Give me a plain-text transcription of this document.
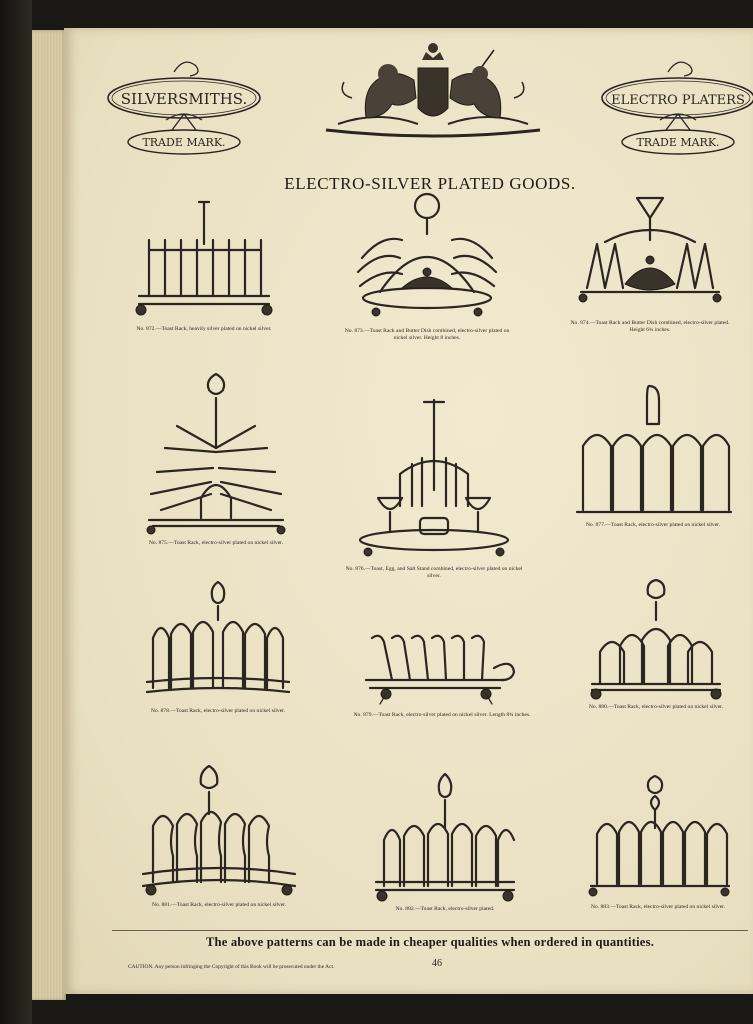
SILVERSMITHS.
TRADE MARK.
ELECTRO PLATERS
TRADE MARK.
ELECTRO-SILVER PLATED GOODS.
No. 872.—Toast Rack, heavily silver plated on nickel silver.	No. 873.—Toast Rack and Butter Dish combined, electro-silver plated on nickel silver. Height 8 inches.
No. 874.—Toast Rack and Butter Dish combined, electro-silver plated. Height 6¾ inches.
No. 875.—Toast Rack, electro-silver plated on nickel silver.
No. 876.—Toast, Egg, and Salt Stand combined, electro-silver plated on nickel silver.
No. 877.—Toast Rack, electro-silver plated on nickel silver.
No. 878.—Toast Rack, electro-silver plated on nickel silver.
No. 879.—Toast Rack, electro-silver plated on nickel silver. Length 8¾ inches.
No. 880.—Toast Rack, electro-silver plated on nickel silver.
No. 881.—Toast Rack, electro-silver plated on nickel silver.
No. 882.—Toast Rack, electro-silver plated.	No. 883.—Toast Rack, electro-silver plated on nickel silver.
The above patterns can be made in cheaper qualities when ordered in quantities.
CAUTION. Any person infringing the Copyright of this Book will be prosecuted under the Act.	46
